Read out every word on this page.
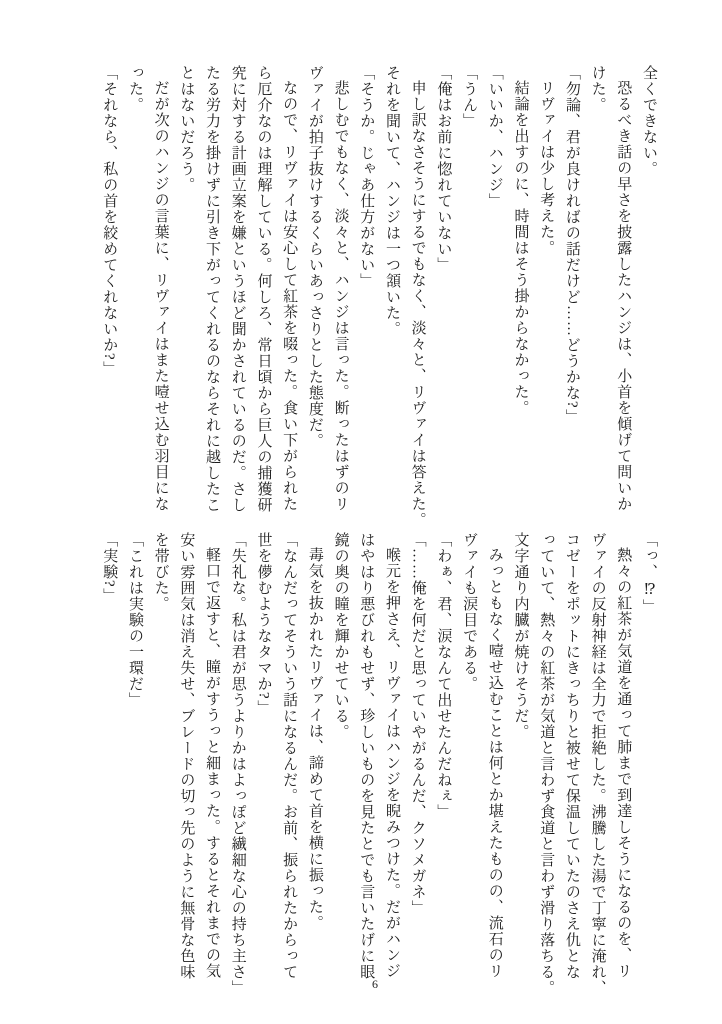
全くできない。
恐るべき話の早さを披露したハンジは、小首を傾げて問いか
けた。
「勿論、君が良ければの話だけど……どうかな?」
リヴァイは少し考えた。
結論を出すのに、時間はそう掛からなかった。
「いいか、ハンジ」
「うん」
「俺はお前に惚れていない」
申し訳なさそうにするでもなく、淡々と、リヴァイは答えた。
それを聞いて、ハンジは一つ頷いた。
「そうか。じゃあ仕方がない」
悲しむでもなく、淡々と、ハンジは言った。断ったはずのリ
ヴァイが拍子抜けするくらいあっさりとした態度だ。
なので、リヴァイは安心して紅茶を啜った。食い下がられた
ら厄介なのは理解している。何しろ、常日頃から巨人の捕獲研
究に対する計画立案を嫌というほど聞かされているのだ。さし
たる労力を掛けずに引き下がってくれるのならそれに越したこ
とはないだろう。
だが次のハンジの言葉に、リヴァイはまた噎せ込む羽目にな
った。
「それなら、私の首を絞めてくれないか?」
「っ、⁉」
熱々の紅茶が気道を通って肺まで到達しそうになるのを、リ
ヴァイの反射神経は全力で拒絶した。沸騰した湯で丁寧に淹れ、
コゼーをポットにきっちりと被せて保温していたのさえ仇とな
っていて、熱々の紅茶が気道と言わず食道と言わず滑り落ちる。
文字通り内臓が焼けそうだ。
みっともなく噎せ込むことは何とか堪えたものの、流石のリ
ヴァイも涙目である。
「わぁ、君、涙なんて出せたんだねぇ」
「……俺を何だと思っていやがるんだ、クソメガネ」
喉元を押さえ、リヴァイはハンジを睨みつけた。だがハンジ
はやはり悪びれもせず、珍しいものを見たとでも言いたげに眼
鏡の奥の瞳を輝かせている。
毒気を抜かれたリヴァイは、諦めて首を横に振った。
「なんだってそういう話になるんだ。お前、振られたからって
世を儚むようなタマか?」
「失礼な。私は君が思うよりかはよっぽど繊細な心の持ち主さ」
軽口で返すと、瞳がすうっと細まった。するとそれまでの気
安い雰囲気は消え失せ、ブレードの切っ先のように無骨な色味
を帯びた。
「これは実験の一環だ」
「実験?」
6
